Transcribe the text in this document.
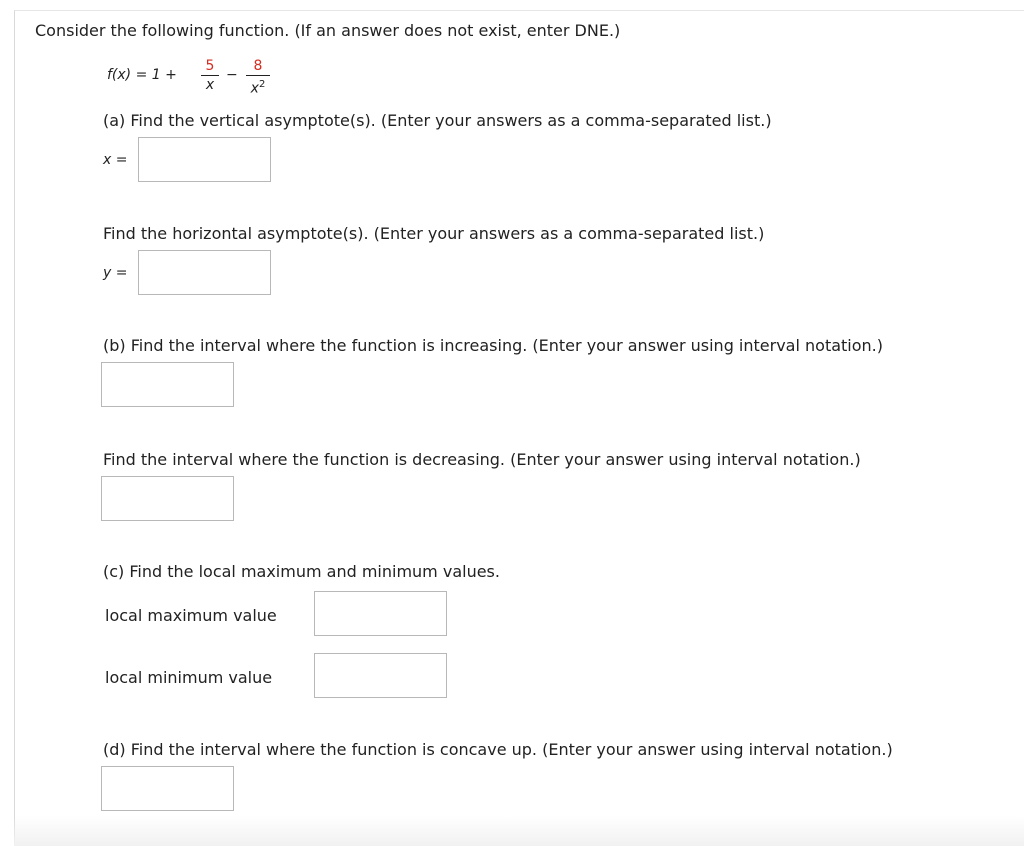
Consider the following function. (If an answer does not exist, enter DNE.)
f(x) = 1 +
5
x
−
8
$x^2$
(a) Find the vertical asymptote(s). (Enter your answers as a comma-separated list.)
x =
Find the horizontal asymptote(s). (Enter your answers as a comma-separated list.)
y =
(b) Find the interval where the function is increasing. (Enter your answer using interval notation.)
Find the interval where the function is decreasing. (Enter your answer using interval notation.)
(c) Find the local maximum and minimum values.
local maximum value
local minimum value
(d) Find the interval where the function is concave up. (Enter your answer using interval notation.)
